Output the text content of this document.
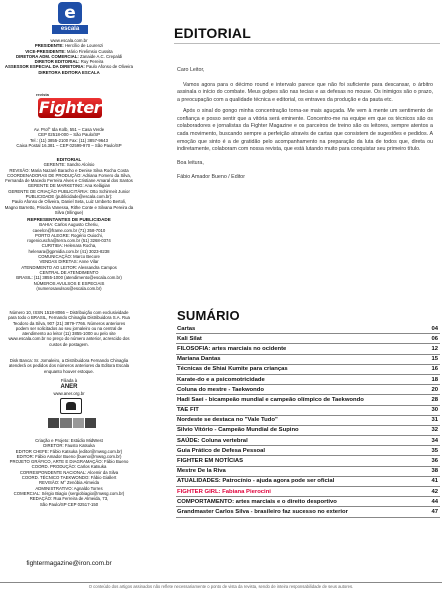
e
escala
www.escala.com.br
PRESIDENTE: Hercílio de Lourenzi
VICE-PRESIDENTE: Mário Firelimsio Cussita
DIRETORA ADM. COMERCIAL: Zanaide A.C. Crepaldi
DIRETOR EDITORIAL: Ruy Pereira
ASSESSOR ESPECIAL DA DIRETORIA: Paulo Afonso de Oliveira
DIRETORA EDITORA ESCALA
revista
Fighter
Av. Prof° Ida Kolb, 551 – Casa Verde
CEP 02518-000 – São Paulo/SP
Tel.: (11) 3855-2100 Fax: (11) 3857-9643
Caixa Postal 16.381 – CEP 02599-970 – São Paulo/SP
EDITORIAL
GERENTE: Sandro Aloísio
REVISÃO: Maria Nazaré Baracho e Denise Silva Rocha Costa
COORDENADORAS DE PRODUÇÃO: Adriana Fomero da Silva,
Fernanda de Macedo Ferreira Alves e Cristiane Amaral dos Santos
GERENTE DE MARKETING: Ana Kelágian
GERENTE DE CRIAÇÃO PUBLICITÁRIA: Otto Schirmeit Junior
PUBLICIDADE (publicidade@escala.com.br):
Paulo Afonso de Oliveira, Daniel Seta, Luiz Umberto Bertoli,
Magno Barretto, Priscila Vanessa, Rithe Conte e Silvana Pereira da
Silva (trilingue)
REPRESENTANTES DE PUBLICIDADE
BAHIA: Carlos Augusto Cheriu,
caeelcn@frame.com.br (71) 358-7010
PORTO ALEGRE: Rogério Ouiochi,
rogenicuscha@terra.com.br (51) 3268-0374
CURITIBA: Helenara Rocha,
helenara@gpmidia.com.br (41) 3023-8238
COMUNICAÇÃO: Marco Becore
VENDAS DIRETAS: Anne Vilar
ATENDIMENTO AO LEITOR: Alessandra Campos
CENTRAL DE ATENDIMENTO
BRASIL: (11) 3855-1000 (atendimento@escala.com.br)
NÚMEROS AVULSOS E ESPECIAIS
(numerosavulsos@escala.com.br)
Número 10, ISSN 1518-8066 – Distribuição com exclusividade
para todo o BRASIL, Fernando Chinaglia Distribuidora S.A. Rua
Teodoro da Silva, 907 (21) 3879-7766. Números anteriores
podem ser solicitados ao seu jornaleiro ou na central de
atendimento ao leitor (11) 3855-1000 ou pelo site
www.escala.com.br no preço do número anterior, acrescido dos
custos de postagem.
Disk Banca: Sr. Jornaleiro, a Distribuidora Fernando Chinaglia
atenderá os pedidos dos números anteriores da Editora Escala
enquanto houver estoque.
Filiada à
ANER
www.aner.org.br
Criação e Projeto: Estúdio MidWest
DIRETOR: Fausto Katsuka
EDITOR CHEFE: Fábio Katsuka (editor@mwsg.com.br)
EDITOR: Fábio Amador Bueno (bueno@mwsg.com.br)
PROJETO GRÁFICO, ARTE E DIAGRAMAÇÃO: Fábio Bueno
COORD. PRODUÇÃO: Carlos Katsuka
CORRESPONDENTE NACIONAL: Alcemir da Silva
COORD. TÉCNICO TAEKWONDO: Fábio Giallert
REVISÃO: M° Zenóbia Almeida
ADMINISTRATIVO: Agnaldo Torres
COMERCIAL: Sérgio Biagio (sergiobiagio@mwsg.com.br)
REDAÇÃO: Rua Ferreira de Almeida, 73,
São Paulo/SP CEP 02517-150
fightermagazine@iron.com.br
EDITORIAL

Caro Leitor,

Vamos agora para o décimo round e intervalo parece que não foi suficiente para descansar, o árbitro assinala o início do combate. Meus golpes são nas tecias e as defesas no mouse. Os inimigos são o prazo, a preocupação com a qualidade técnica e editorial, os entraves da produção e da pauta etc.

Após o sinal do gongo minha concentração torna-se mais aguçada. Me vem à mente um sentimento de confiança e posso sentir que a vitória será eminente. Concentro-me na equipe em que os técnicos são os colaboradores e jornalistas da Fighter Magazine e os parceiros de treino são os leitores, sempre atentos a cada movimento, buscando sempre a perfeição através de cartas que consistem de sugestões e pedidos. A emoção que sinto é a de gratidão pelo acompanhamento na preparação da luta de todos que, direta ou indiretamente, colaboram com nossa revista, que está lutando muito para conquistar seu primeiro título.

Boa leitura,

Fábio Amador Bueno / Editor

SUMÁRIO
Cartas	04
Kali Silat	06
FILOSOFIA: artes marciais no ocidente	12
Mariana Dantas	15
Técnicas de Shiai Kumite para crianças	16
Karate-do e a psicomotricidade	18
Coluna do mestre - Taekwondo	20
Hadi Saei - bicampeão mundial e campeão olímpico de Taekwondo	28
TAE FIT	30
Nordeste se destaca no "Vale Tudo"	31
Silvio Vitório - Campeão Mundial de Supino	32
SAÚDE: Coluna vertebral	34
Guia Prático de Defesa Pessoal	35
FIGHTER EM NOTÍCIAS	36
Mestre De la Riva	38
ATUALIDADES: Patrocínio - ajuda agora pode ser oficial	41
FIGHTER GIRL: Fabiana Pierocini	42
COMPORTAMENTO: artes marciais e o direito desportivo	44
Grandmaster Carlos Silva - brasileiro faz sucesso no exterior	47
O conteúdo dos artigos assinados não reflete necessariamente o ponto de vista da revista, sendo de inteira responsabilidade de seus autores.
